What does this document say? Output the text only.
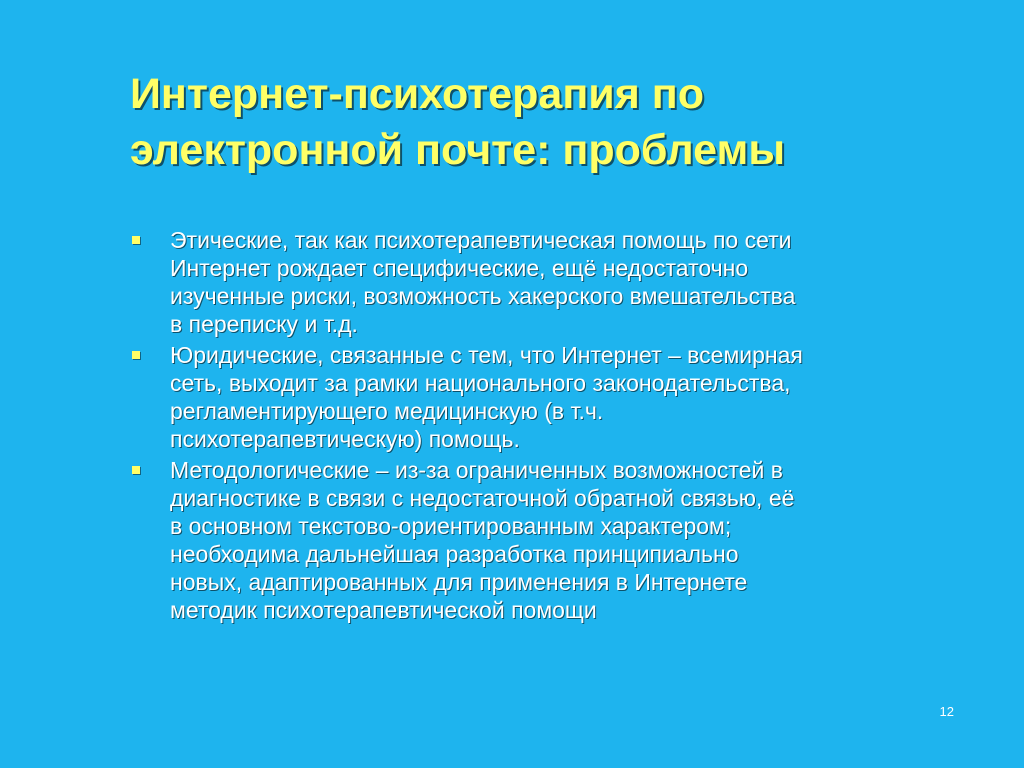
Интернет-психотерапия по
электронной почте: проблемы
Этические, так как психотерапевтическая помощь по сети
Интернет рождает специфические, ещё недостаточно
изученные риски, возможность хакерского вмешательства
в переписку и т.д.
Юридические, связанные с тем, что Интернет – всемирная
сеть, выходит за рамки национального законодательства,
регламентирующего медицинскую (в т.ч.
психотерапевтическую) помощь.
Методологические – из-за ограниченных возможностей в
диагностике в связи с недостаточной обратной связью, её
в основном текстово-ориентированным характером;
необходима дальнейшая разработка принципиально
новых, адаптированных для применения в Интернете
методик психотерапевтической помощи
12
